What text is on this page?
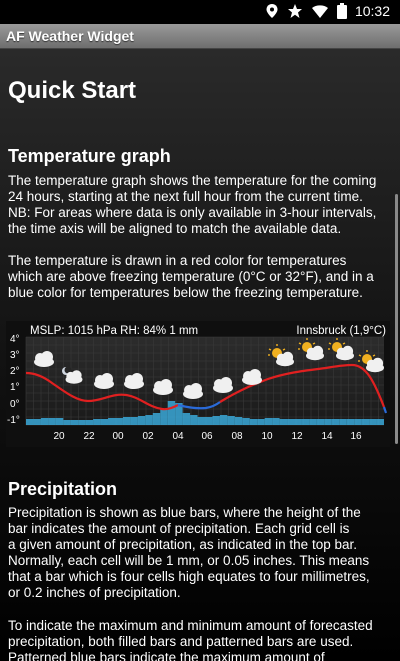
10:32
AF Weather Widget
Quick Start
Temperature graph

The temperature graph shows the temperature for the coming
24 hours, starting at the next full hour from the current time.
NB: For areas where data is only available in 3-hour intervals,
the time axis will be aligned to match the available data.

The temperature is drawn in a red color for temperatures
which are above freezing temperature (0°C or 32°F), and in a
blue color for temperatures below the freezing temperature.

MSLP: 1015 hPa RH: 84% 1 mm	Innsbruck (1,9°C)
4°
3°
2°
1°
0°
-1°
20 22 00 02 04 06 08 10 12 14 16
Precipitation

Precipitation is shown as blue bars, where the height of the
bar indicates the amount of precipitation. Each grid cell is
a given amount of precipitation, as indicated in the top bar.
Normally, each cell will be 1 mm, or 0.05 inches. This means
that a bar which is four cells high equates to four millimetres,
or 0.2 inches of precipitation.

To indicate the maximum and minimum amount of forecasted
precipitation, both filled bars and patterned bars are used.
Patterned blue bars indicate the maximum amount of
